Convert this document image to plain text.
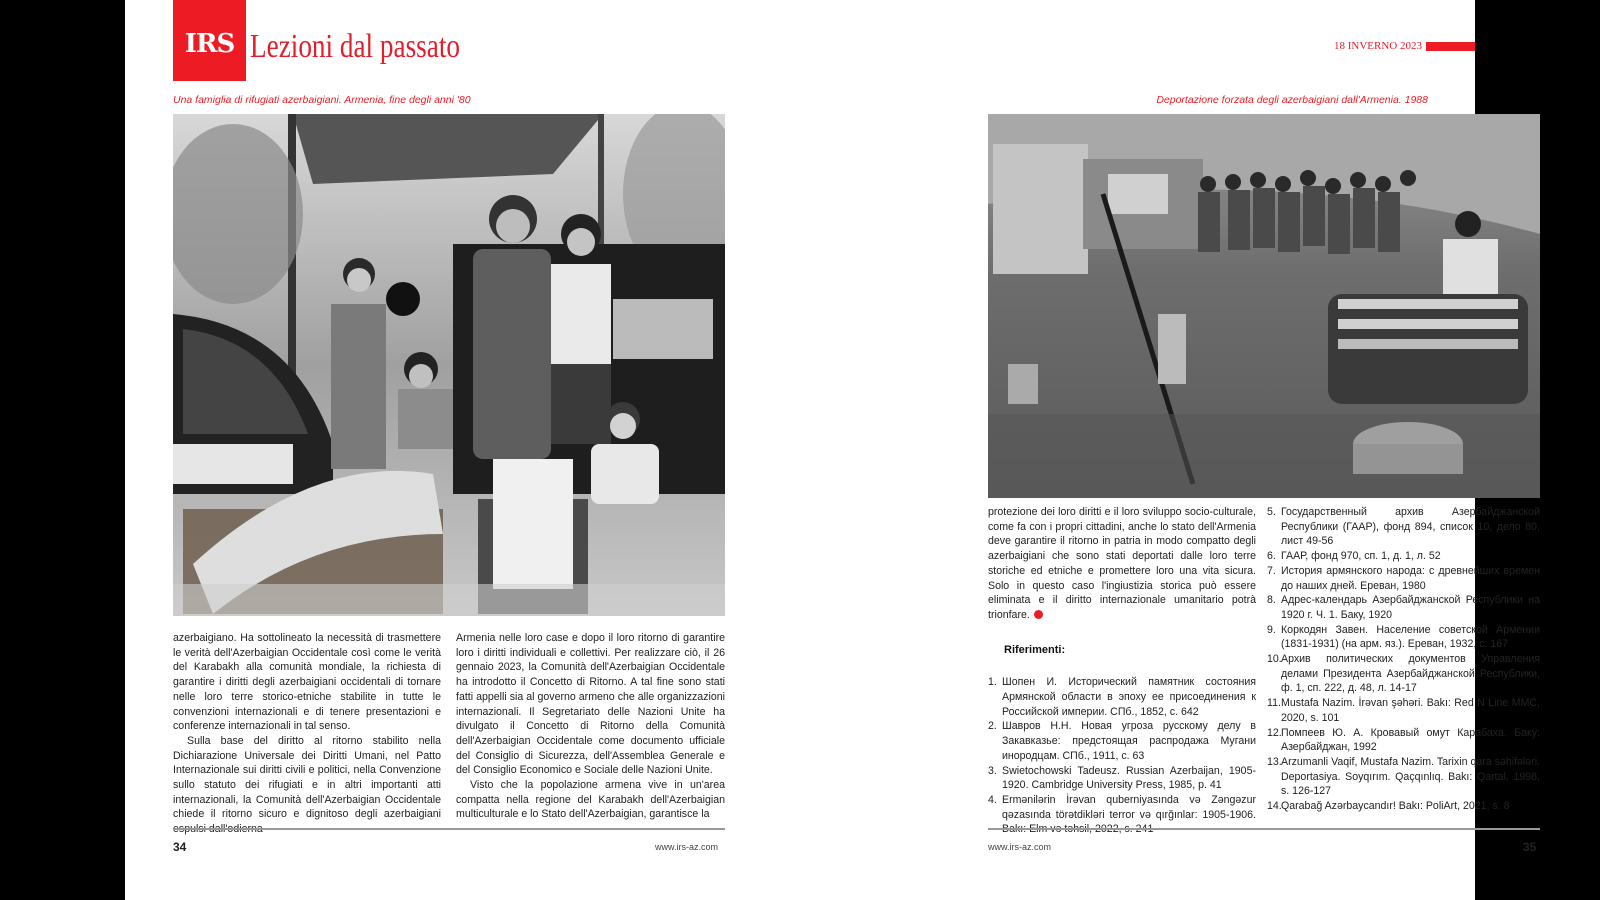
IRS Lezioni dal passato
Una famiglia di rifugiati azerbaigiani. Armenia, fine degli anni '80

azerbaigiano. Ha sottolineato la necessità di trasmettere le verità dell'Azerbaigian Occidentale così come le verità del Karabakh alla comunità mondiale, la richiesta di garantire i diritti degli azerbaigiani occidentali di tornare nelle loro terre storico-etniche stabilite in tutte le convenzioni internazionali e di tenere presentazioni e conferenze internazionali in tal senso.

Sulla base del diritto al ritorno stabilito nella Dichiarazione Universale dei Diritti Umani, nel Patto Internazionale sui diritti civili e politici, nella Convenzione sullo statuto dei rifugiati e in altri importanti atti internazionali, la Comunità dell'Azerbaigian Occidentale chiede il ritorno sicuro e dignitoso degli azerbaigiani

Armenia nelle loro case e dopo il loro ritorno di garantire loro i diritti individuali e collettivi. Per realizzare ciò, il 26 gennaio 2023, la Comunità dell'Azerbaigian Occidentale ha introdotto il Concetto di Ritorno. A tal fine sono stati fatti appelli sia al governo armeno che alle organizzazioni internazionali. Il Segretariato delle Nazioni Unite ha divulgato il Concetto di Ritorno della Comunità dell'Azerbaigian Occidentale come documento ufficiale del Consiglio di Sicurezza, dell'Assemblea Generale e del Consiglio Economico e Sociale delle Nazioni Unite.

Visto che la popolazione armena vive in un'area compatta nella regione del Karabakh dell'Azerbaigian multiculturale e lo Stato dell'Azerbaigian, garantisce la

34	www.irs-az.com
18 INVERNO 2023
Deportazione forzata degli azerbaigiani dall'Armenia. 1988

protezione dei loro diritti e il loro sviluppo socio-culturale, come fa con i propri cittadini, anche lo stato dell'Armenia deve garantire il ritorno in patria in modo compatto degli azerbaigiani che sono stati deportati dalle loro terre storiche ed etniche e promettere loro una vita sicura. Solo in questo caso l'ingiustizia storica può essere eliminata e il diritto internazionale umanitario potrà trionfare.

Riferimenti:
1. Шопен И. Исторический памятник состояния Армянской области в эпоху ее присоединения к Российской империи. СПб., 1852, с. 642
2. Шавров Н.Н. Новая угроза русскому делу в Закавказье: предстоящая распродажа Мугани инородцам. СПб., 1911, с. 63
3. Swietochowski Tadeusz. Russian Azerbaijan, 1905-1920. Cambridge University Press, 1985, p. 41
4. Ermənilərin İrəvan quberniyasında və Zəngəzur qəzasında törətdikləri terror və qırğınlar: 1905-1906.
5. Государственный архив Азербайджанской Республики (ГААР), фонд 894, список 10, дело 80, лист 49-56
6. ГААР, фонд 970, сп. 1, д. 1, л. 52
7. История армянского народа: с древнейших времен до наших дней. Ереван, 1980
8. Адрес-календарь Азербайджанской Республики на 1920 г. Ч. 1. Баку, 1920
9. Коркодян Завен. Население советской Армении (1831-1931) (на арм. яз.). Ереван, 1932, с. 167
10. Архив политических документов Управления делами Президента Азербайджанской Республики, ф. 1, сп. 222, д. 48, л. 14-17
11. Mustafa Nazim. İrəvan şəhəri. Bakı: Red N Line MMC, 2020, s. 101
12. Помпеев Ю. А. Кровавый омут Карабаха. Баку: Азербайджан, 1992
13. Arzumanli Vaqif, Mustafa Nazim. Tarixin qara səhifələri. Deportasiya. Soyqırım. Qaçqınlıq. Bakı: Qartal, 1998, s. 126-127
14. Qarabağ Azərbaycandır! Bakı: PoliArt, 2021, s. 8
www.irs-az.com	35
